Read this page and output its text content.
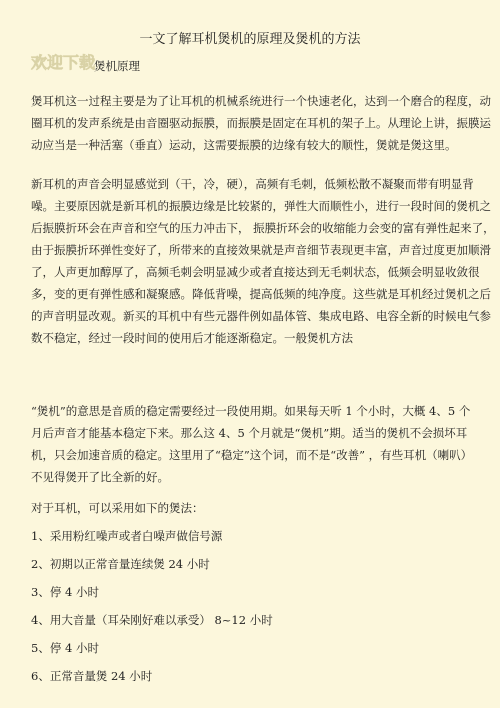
一文了解耳机煲机的原理及煲机的方法
欢迎下载
煲机原理
煲耳机这一过程主要是为了让耳机的机械系统进行一个快速老化，达到一个磨合的程度，动
圈耳机的发声系统是由音圈驱动振膜，而振膜是固定在耳机的架子上。从理论上讲，振膜运
动应当是一种活塞（垂直）运动，这需要振膜的边缘有较大的顺性，煲就是煲这里。
新耳机的声音会明显感觉到（干，冷，硬），高频有毛刺，低频松散不凝聚而带有明显背
噪。主要原因就是新耳机的振膜边缘是比较紧的，弹性大而顺性小，进行一段时间的煲机之
后振膜折环会在声音和空气的压力冲击下， 振膜折环会的收缩能力会变的富有弹性起来了，
由于振膜折环弹性变好了，所带来的直接效果就是声音细节表现更丰富，声音过度更加顺滑
了，人声更加醇厚了，高频毛刺会明显减少或者直接达到无毛刺状态，低频会明显收敛很
多，变的更有弹性感和凝聚感。降低背噪，提高低频的纯净度。这些就是耳机经过煲机之后
的声音明显改观。新买的耳机中有些元器件例如晶体管、集成电路、电容全新的时候电气参
数不稳定，经过一段时间的使用后才能逐渐稳定。一般煲机方法
“煲机”的意思是音质的稳定需要经过一段使用期。如果每天听 1 个小时，大概 4、5 个
月后声音才能基本稳定下来。那么这 4、5 个月就是“煲机”期。适当的煲机不会损坏耳
机，只会加速音质的稳定。这里用了“稳定”这个词，而不是“改善” ，有些耳机（喇叭）
不见得煲开了比全新的好。
对于耳机，可以采用如下的煲法：
1、采用粉红噪声或者白噪声做信号源
2、初期以正常音量连续煲 24 小时
3、停 4 小时
4、用大音量（耳朵刚好难以承受） 8~12 小时
5、停 4 小时
6、正常音量煲 24 小时
